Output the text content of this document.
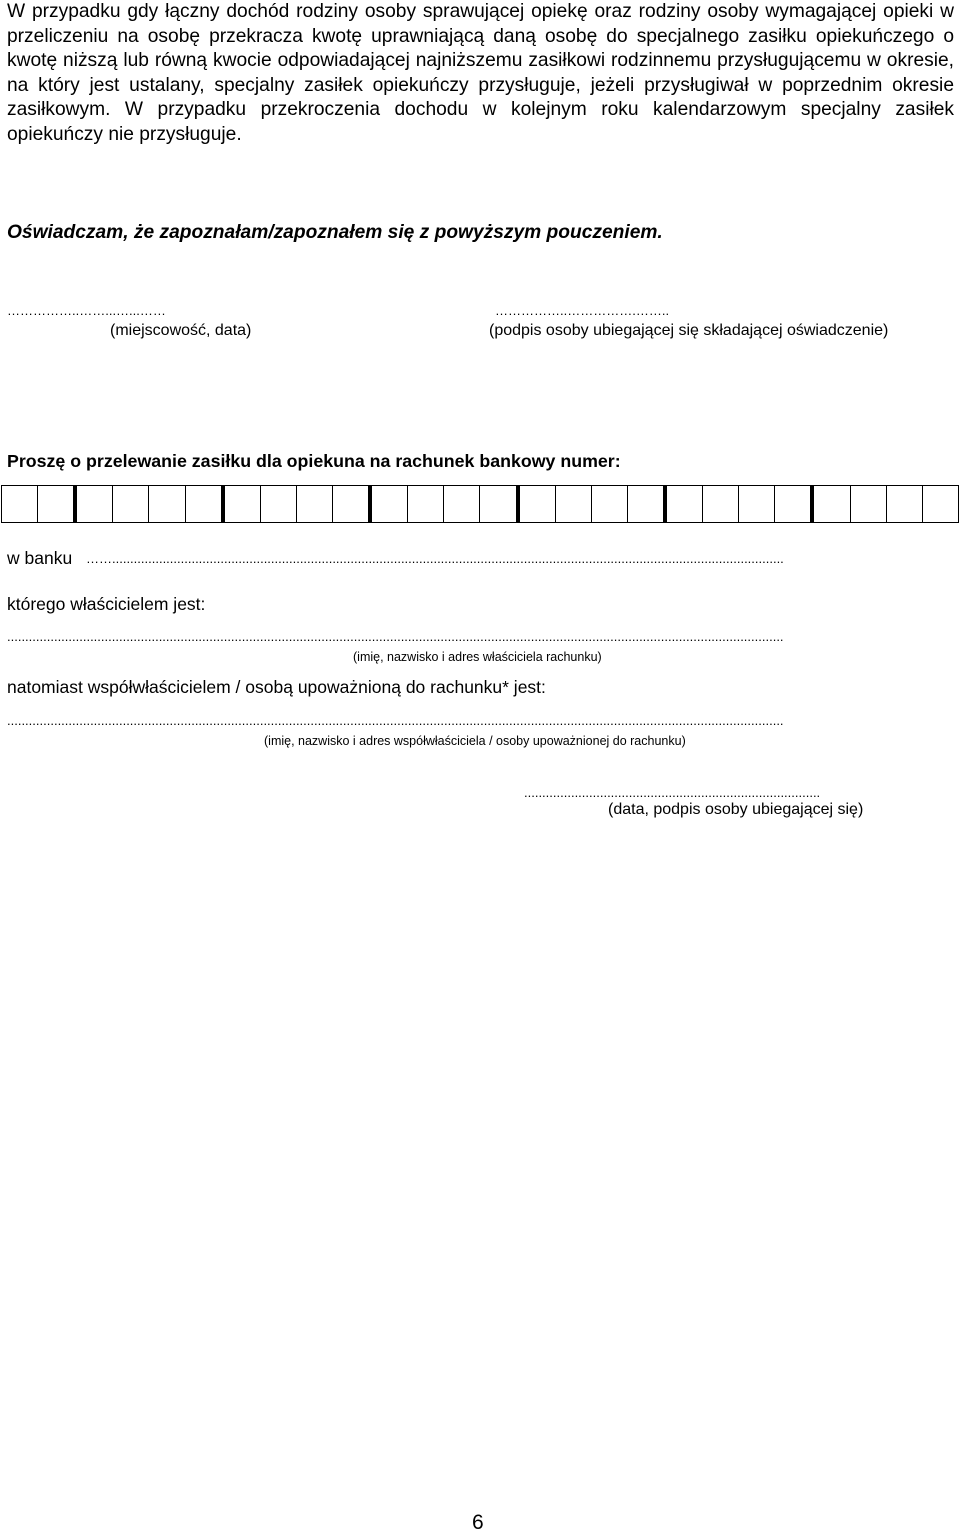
W przypadku gdy łączny dochód rodziny osoby sprawującej opiekę oraz rodziny osoby wymagającej opieki w przeliczeniu na osobę przekracza kwotę uprawniającą daną osobę do specjalnego zasiłku opiekuńczego o kwotę niższą lub równą kwocie odpowiadającej najniższemu zasiłkowi rodzinnemu przysługującemu w okresie, na który jest ustalany, specjalny zasiłek opiekuńczy przysługuje, jeżeli przysługiwał w poprzednim okresie zasiłkowym. W przypadku przekroczenia dochodu w kolejnym roku kalendarzowym specjalny zasiłek opiekuńczy nie przysługuje.

Oświadczam, że zapoznałam/zapoznałem się z powyższym pouczeniem.
……………..……...…...……
(miejscowość, data)
……………..…………….……..
(podpis osoby ubiegającej się składającej oświadczenie)
Proszę o przelewanie zasiłku dla opiekuna na rachunek bankowy numer:
w banku ……..........................................................................................................................................................................................
którego właścicielem jest:
.......................................................................................................................................................................................................................
(imię, nazwisko i adres właściciela rachunku)
natomiast współwłaścicielem / osobą upoważnioną do rachunku* jest:
.......................................................................................................................................................................................................................
(imię, nazwisko i adres współwłaściciela / osoby upoważnionej do rachunku)
..................................................................................
(data, podpis osoby ubiegającej się)
6
